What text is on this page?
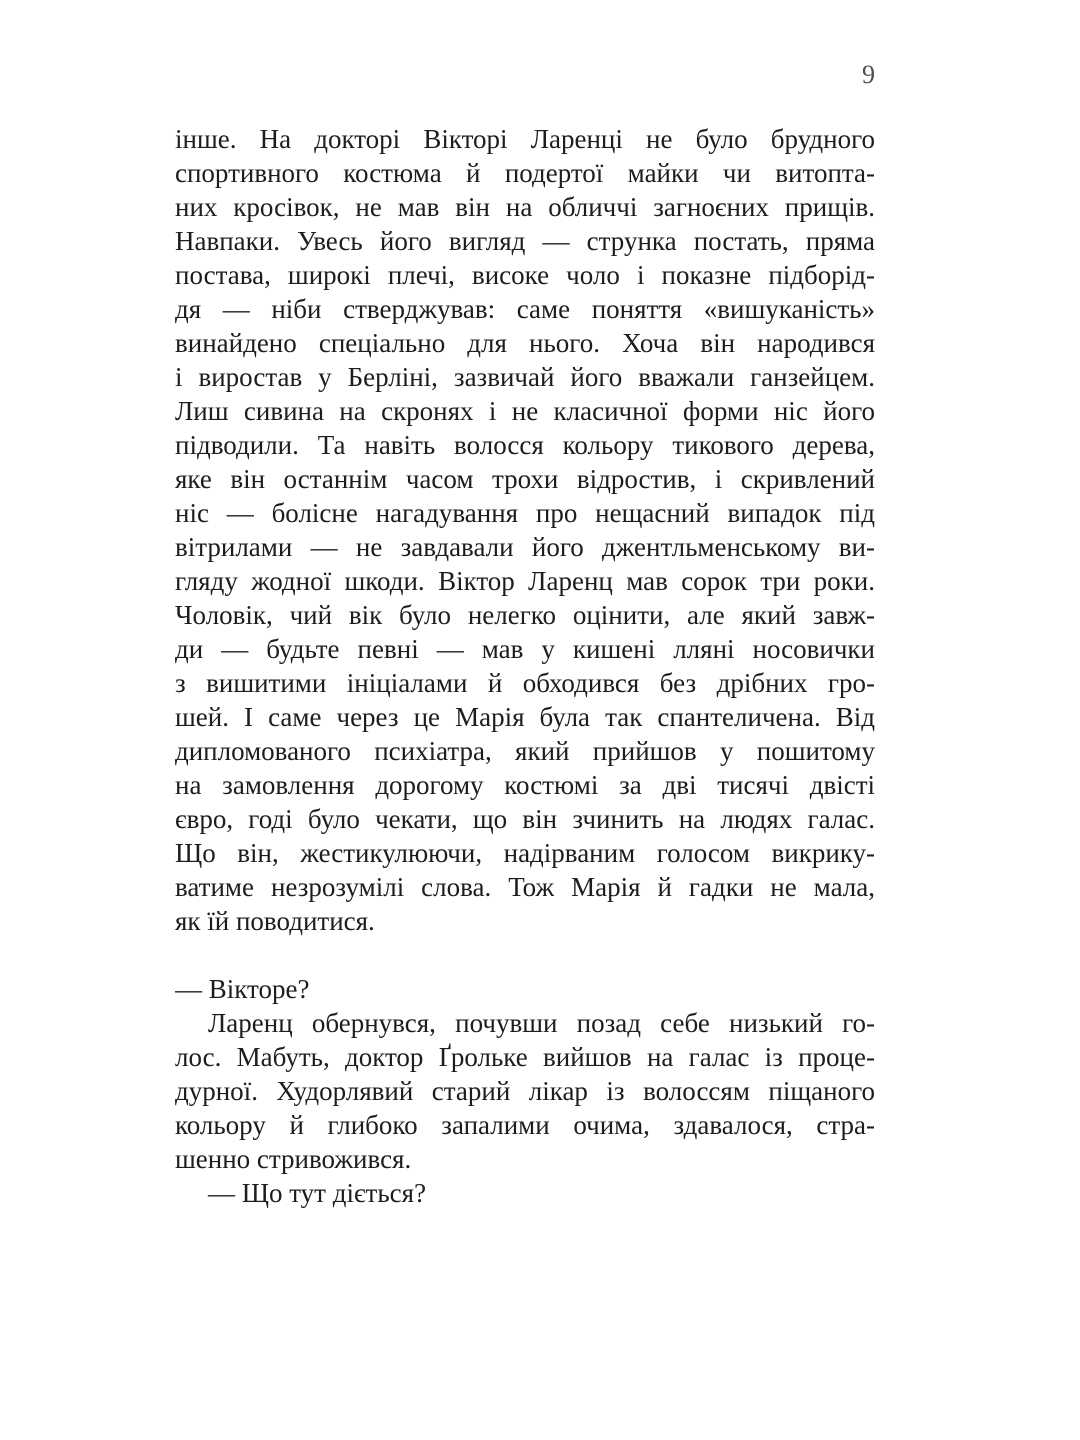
9
інше. На докторі Вікторі Ларенці не було брудного
спортивного костюма й подертої майки чи витопта-
них кросівок, не мав він на обличчі загноєних прищів.
Навпаки. Увесь його вигляд — струнка постать, пряма
постава, широкі плечі, високе чоло і показне підборід-
дя — ніби стверджував: саме поняття «вишуканість»
винайдено спеціально для нього. Хоча він народився
і виростав у Берліні, зазвичай його вважали ганзейцем.
Лиш сивина на скронях і не класичної форми ніс його
підводили. Та навіть волосся кольору тикового дерева,
яке він останнім часом трохи відростив, і скривлений
ніс — болісне нагадування про нещасний випадок під
вітрилами — не завдавали його джентльменському ви-
гляду жодної шкоди. Віктор Ларенц мав сорок три роки.
Чоловік, чий вік було нелегко оцінити, але який завж-
ди — будьте певні — мав у кишені лляні носовички
з вишитими ініціалами й обходився без дрібних гро-
шей. І саме через це Марія була так спантеличена. Від
дипломованого психіатра, який прийшов у пошитому
на замовлення дорогому костюмі за дві тисячі двісті
євро, годі було чекати, що він зчинить на людях галас.
Що він, жестикулюючи, надірваним голосом викрику-
ватиме незрозумілі слова. Тож Марія й гадки не мала,
як їй поводитися.
— Вікторе?
Ларенц обернувся, почувши позад себе низький го-
лос. Мабуть, доктор Ґрольке вийшов на галас із проце-
дурної. Худорлявий старий лікар із волоссям піщаного
кольору й глибоко запалими очима, здавалося, стра-
шенно стривожився.
— Що тут діється?
